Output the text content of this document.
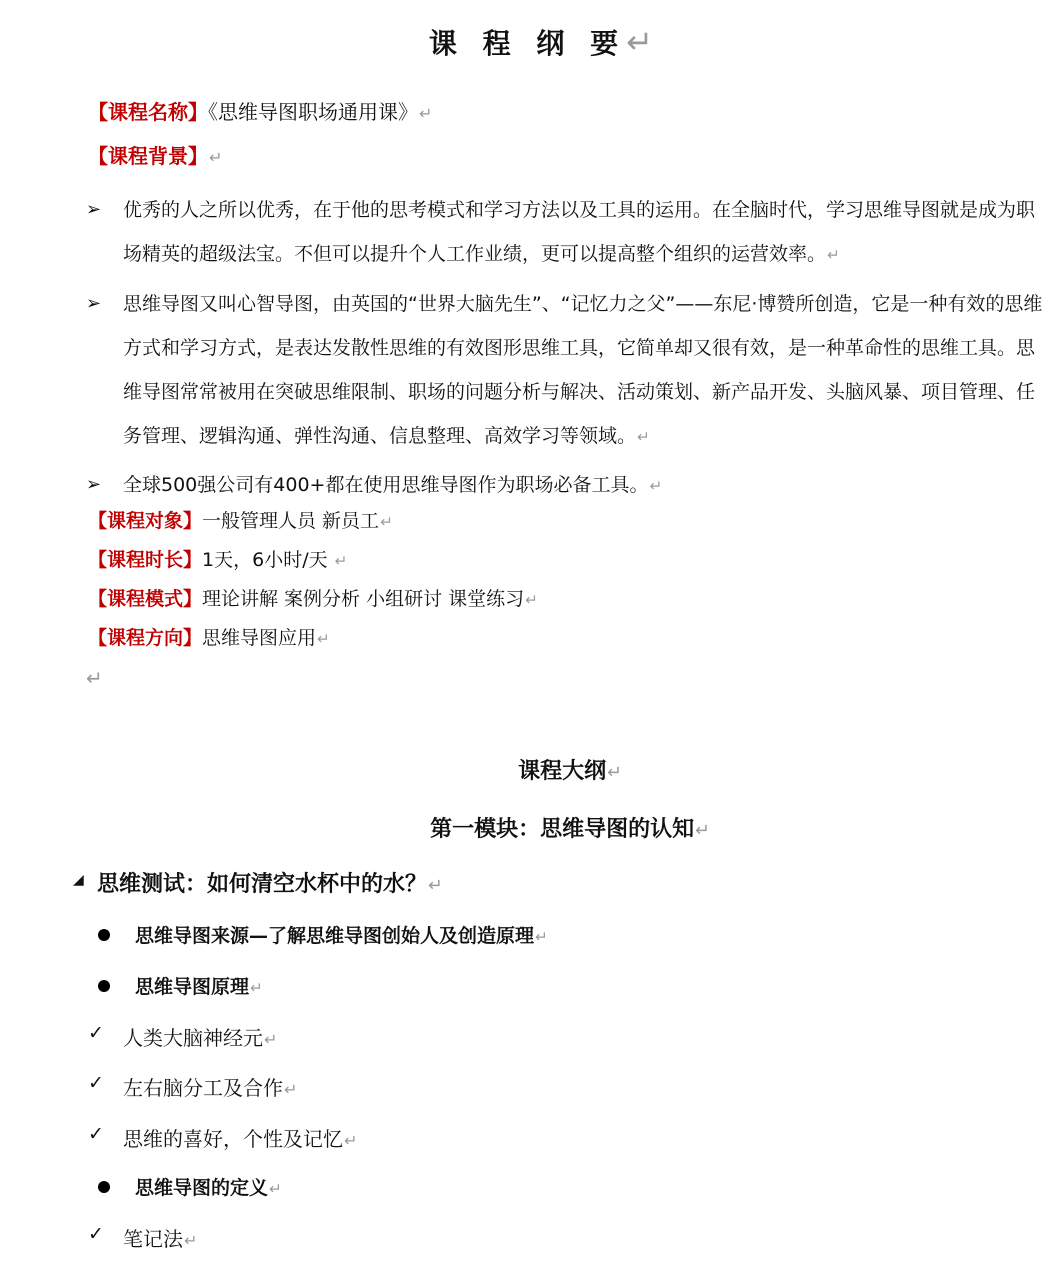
课 程 纲 要↵
【课程名称】《思维导图职场通用课》↵
【课程背景】↵
➢ 优秀的人之所以优秀，在于他的思考模式和学习方法以及工具的运用。在全脑时代，学习思维导图就是成为职场精英的超级法宝。不但可以提升个人工作业绩，更可以提高整个组织的运营效率。↵
➢ 思维导图又叫心智导图，由英国的“世界大脑先生”、“记忆力之父”——东尼·博赞所创造，它是一种有效的思维方式和学习方式，是表达发散性思维的有效图形思维工具，它简单却又很有效，是一种革命性的思维工具。思维导图常常被用在突破思维限制、职场的问题分析与解决、活动策划、新产品开发、头脑风暴、项目管理、任务管理、逻辑沟通、弹性沟通、信息整理、高效学习等领域。↵
➢ 全球500强公司有400+都在使用思维导图作为职场必备工具。↵
【课程对象】一般管理人员 新员工↵
【课程时长】1天，6小时/天 ↵
【课程模式】理论讲解 案例分析 小组研讨 课堂练习↵
【课程方向】思维导图应用↵
↵
课程大纲↵
第一模块：思维导图的认知↵
◢ 思维测试：如何清空水杯中的水？↵
思维导图来源—了解思维导图创始人及创造原理↵
思维导图原理↵
✓ 人类大脑神经元↵
✓ 左右脑分工及合作↵
✓ 思维的喜好，个性及记忆↵
思维导图的定义↵
✓ 笔记法↵
